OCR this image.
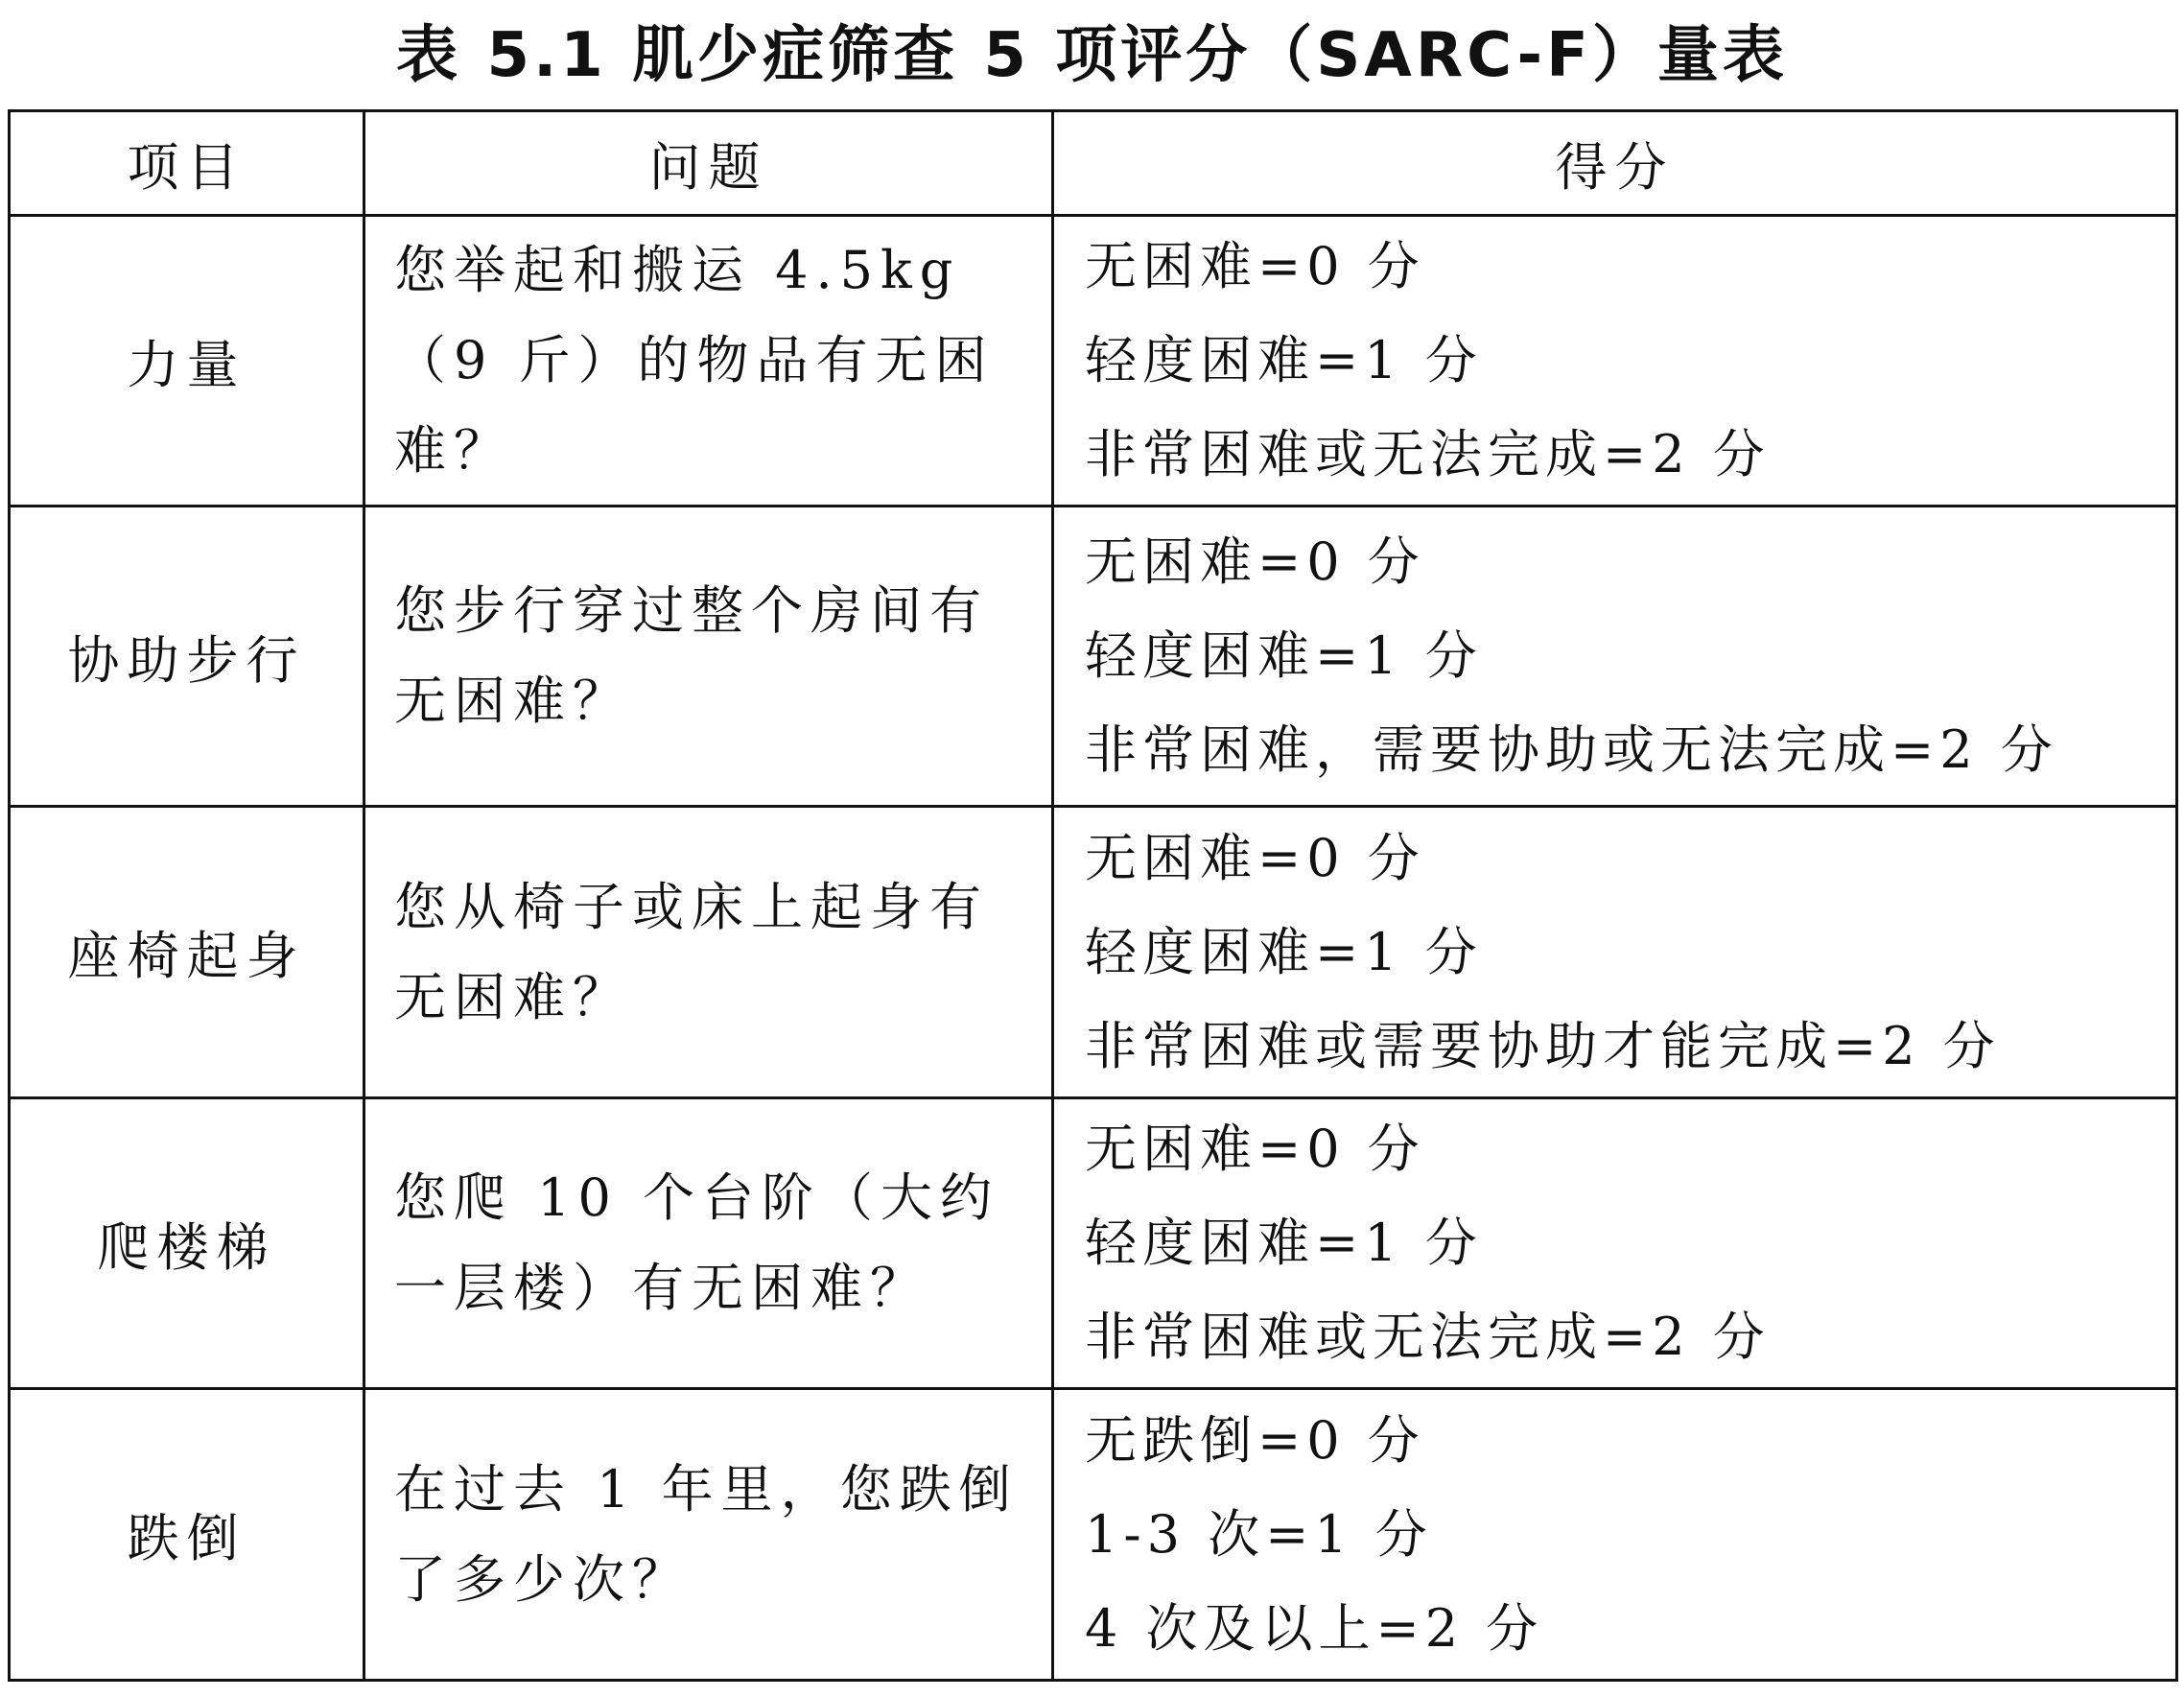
表 5.1 肌少症筛查 5 项评分（SARC-F）量表
项目	问题	得分
力量	您举起和搬运 4.5kg（9 斤）的物品有无困难？	无困难=0 分
轻度困难=1 分
非常困难或无法完成=2 分

协助步行	您步行穿过整个房间有无困难？	无困难=0 分
轻度困难=1 分
非常困难，需要协助或无法完成=2 分

座椅起身	您从椅子或床上起身有无困难？	无困难=0 分
轻度困难=1 分
非常困难或需要协助才能完成=2 分

爬楼梯	您爬 10 个台阶（大约一层楼）有无困难？	无困难=0 分
轻度困难=1 分
非常困难或无法完成=2 分

跌倒	在过去 1 年里，您跌倒了多少次？	无跌倒=0 分
1-3 次=1 分
4 次及以上=2 分
